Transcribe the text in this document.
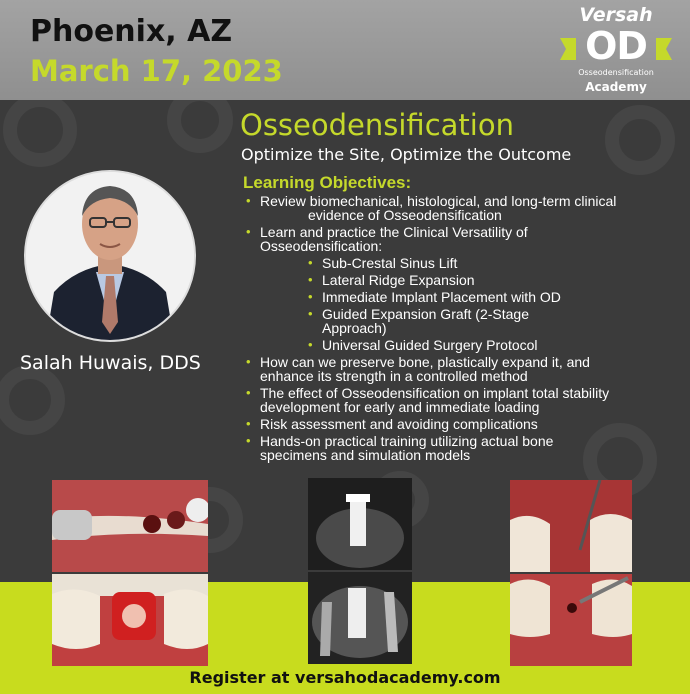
Phoenix, AZ
March 17, 2023
Versah
OD
Osseodensification
Academy
Salah Huwais, DDS
Osseodensification
Optimize the Site, Optimize the Outcome
Learning Objectives:
• Review biomechanical, histological, and long-term clinical
evidence of Osseodensification
• Learn and practice the Clinical Versatility of
Osseodensification:
• Sub-Crestal Sinus Lift
• Lateral Ridge Expansion
• Immediate Implant Placement with OD
• Guided Expansion Graft (2-Stage
Approach)
• Universal Guided Surgery Protocol
• How can we preserve bone, plastically expand it, and
enhance its strength in a controlled method
• The effect of Osseodensification on implant total stability
development for early and immediate loading
• Risk assessment and avoiding complications
• Hands-on practical training utilizing actual bone
specimens and simulation models
Register at versahodacademy.com
